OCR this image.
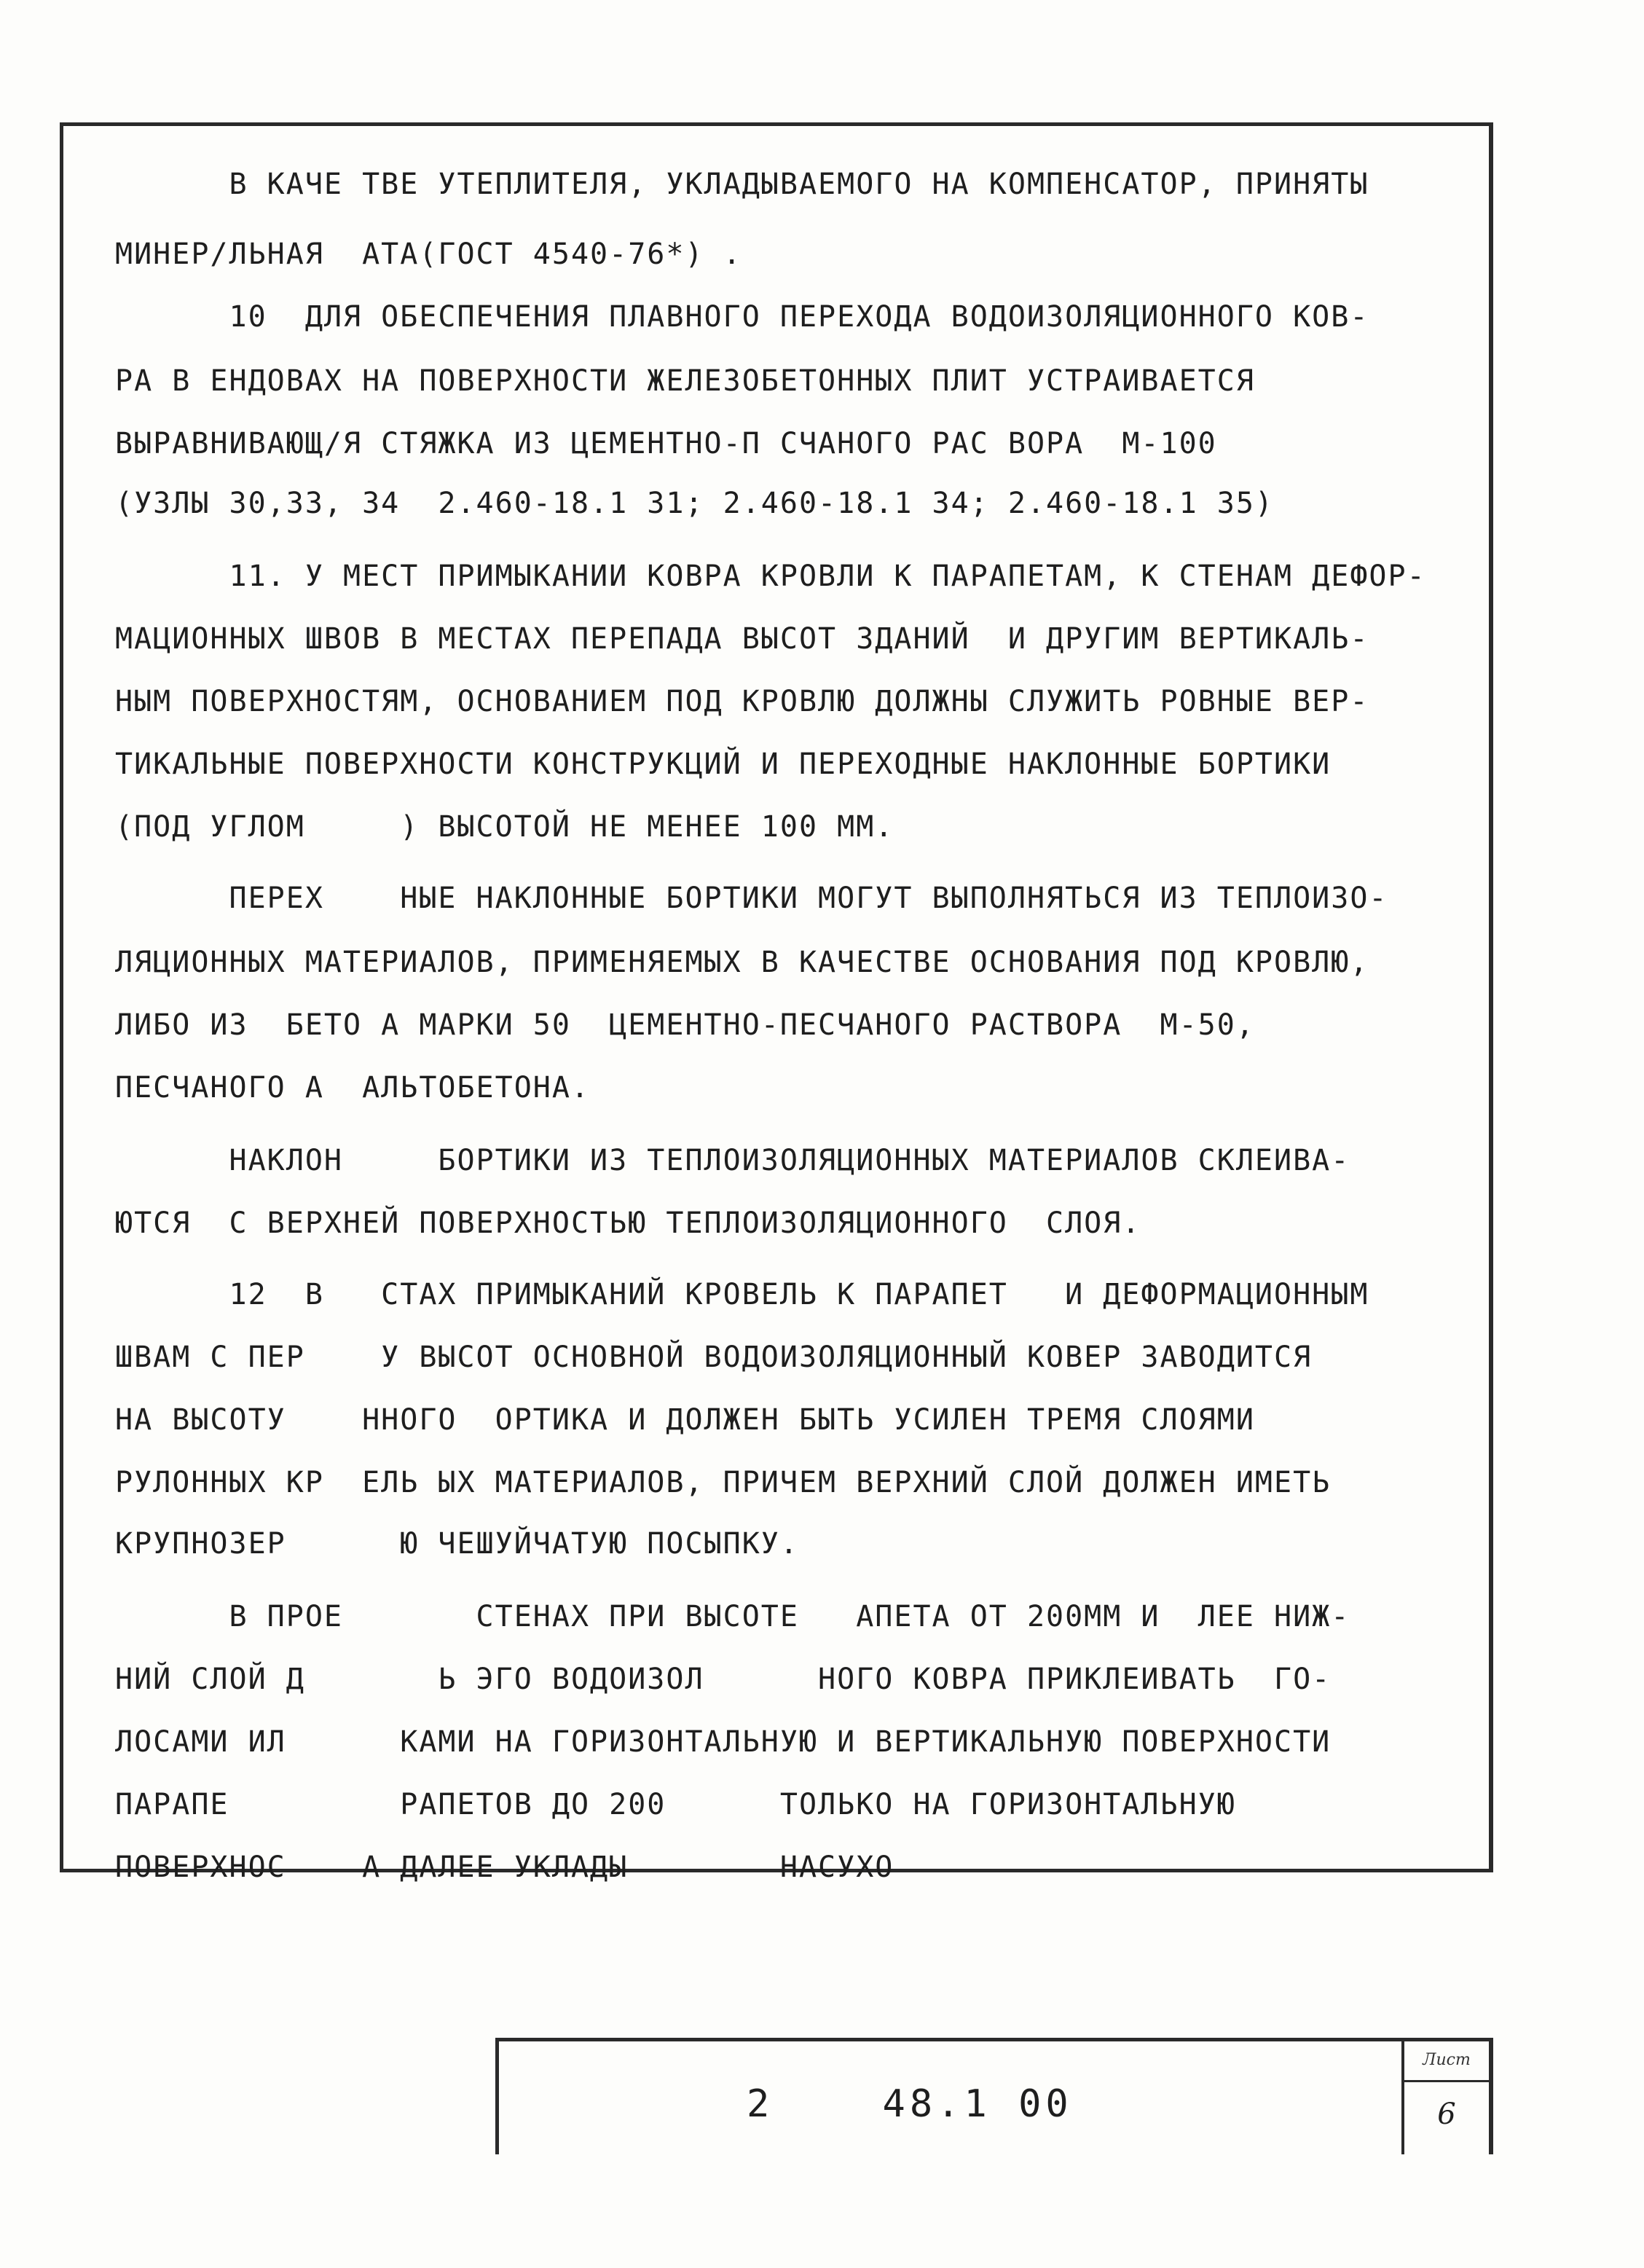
В КАЧЕ ТВЕ УТЕПЛИТЕЛЯ, УКЛАДЫВАЕМОГО НА КОМПЕНСАТОР, ПРИНЯТЫ
МИНЕР/ЛЬНАЯ  АТА(ГОСТ 4540-76*) .
10  ДЛЯ ОБЕСПЕЧЕНИЯ ПЛАВНОГО ПЕРЕХОДА ВОДОИЗОЛЯЦИОННОГО КОВ-
РА В ЕНДОВАХ НА ПОВЕРХНОСТИ ЖЕЛЕЗОБЕТОННЫХ ПЛИТ УСТРАИВАЕТСЯ
ВЫРАВНИВАЮЩ/Я СТЯЖКА ИЗ ЦЕМЕНТНО-П СЧАНОГО РАС ВОРА  М-100
(УЗЛЫ 30,33, 34  2.460-18.1 31; 2.460-18.1 34; 2.460-18.1 35)
11. У МЕСТ ПРИМЫКАНИИ КОВРА КРОВЛИ К ПАРАПЕТАМ, К СТЕНАМ ДЕФОР-
МАЦИОННЫХ ШВОВ В МЕСТАХ ПЕРЕПАДА ВЫСОТ ЗДАНИЙ  И ДРУГИМ ВЕРТИКАЛЬ-
НЫМ ПОВЕРХНОСТЯМ, ОСНОВАНИЕМ ПОД КРОВЛЮ ДОЛЖНЫ СЛУЖИТЬ РОВНЫЕ ВЕР-
ТИКАЛЬНЫЕ ПОВЕРХНОСТИ КОНСТРУКЦИЙ И ПЕРЕХОДНЫЕ НАКЛОННЫЕ БОРТИКИ
(ПОД УГЛОМ     ) ВЫСОТОЙ НЕ МЕНЕЕ 100 ММ.
ПЕРЕХ    НЫЕ НАКЛОННЫЕ БОРТИКИ МОГУТ ВЫПОЛНЯТЬСЯ ИЗ ТЕПЛОИЗО-
ЛЯЦИОННЫХ МАТЕРИАЛОВ, ПРИМЕНЯЕМЫХ В КАЧЕСТВЕ ОСНОВАНИЯ ПОД КРОВЛЮ,
ЛИБО ИЗ  БЕТО А МАРКИ 50  ЦЕМЕНТНО-ПЕСЧАНОГО РАСТВОРА  М-50,
ПЕСЧАНОГО А  АЛЬТОБЕТОНА.
НАКЛОН     БОРТИКИ ИЗ ТЕПЛОИЗОЛЯЦИОННЫХ МАТЕРИАЛОВ СКЛЕИВА-
ЮТСЯ  С ВЕРХНЕЙ ПОВЕРХНОСТЬЮ ТЕПЛОИЗОЛЯЦИОННОГО  СЛОЯ.
12  В   СТАХ ПРИМЫКАНИЙ КРОВЕЛЬ К ПАРАПЕТ   И ДЕФОРМАЦИОННЫМ
ШВАМ С ПЕР    У ВЫСОТ ОСНОВНОЙ ВОДОИЗОЛЯЦИОННЫЙ КОВЕР ЗАВОДИТСЯ
НА ВЫСОТУ    ННОГО  ОРТИКА И ДОЛЖЕН БЫТЬ УСИЛЕН ТРЕМЯ СЛОЯМИ
РУЛОННЫХ КР  ЕЛЬ ЫХ МАТЕРИАЛОВ, ПРИЧЕМ ВЕРХНИЙ СЛОЙ ДОЛЖЕН ИМЕТЬ
КРУПНОЗЕР      Ю ЧЕШУЙЧАТУЮ ПОСЫПКУ.
В ПРОЕ       СТЕНАХ ПРИ ВЫСОТЕ   АПЕТА ОТ 200ММ И  ЛЕЕ НИЖ-
НИЙ СЛОЙ Д       Ь ЭГО ВОДОИЗОЛ      НОГО КОВРА ПРИКЛЕИВАТЬ  ГО-
ЛОСАМИ ИЛ      КАМИ НА ГОРИЗОНТАЛЬНУЮ И ВЕРТИКАЛЬНУЮ ПОВЕРХНОСТИ
ПАРАПЕ         РАПЕТОВ ДО 200      ТОЛЬКО НА ГОРИЗОНТАЛЬНУЮ
ПОВЕРХНОС    А ДАЛЕЕ УКЛАДЫ        НАСУХО
2    48.1 00
Лист
6
